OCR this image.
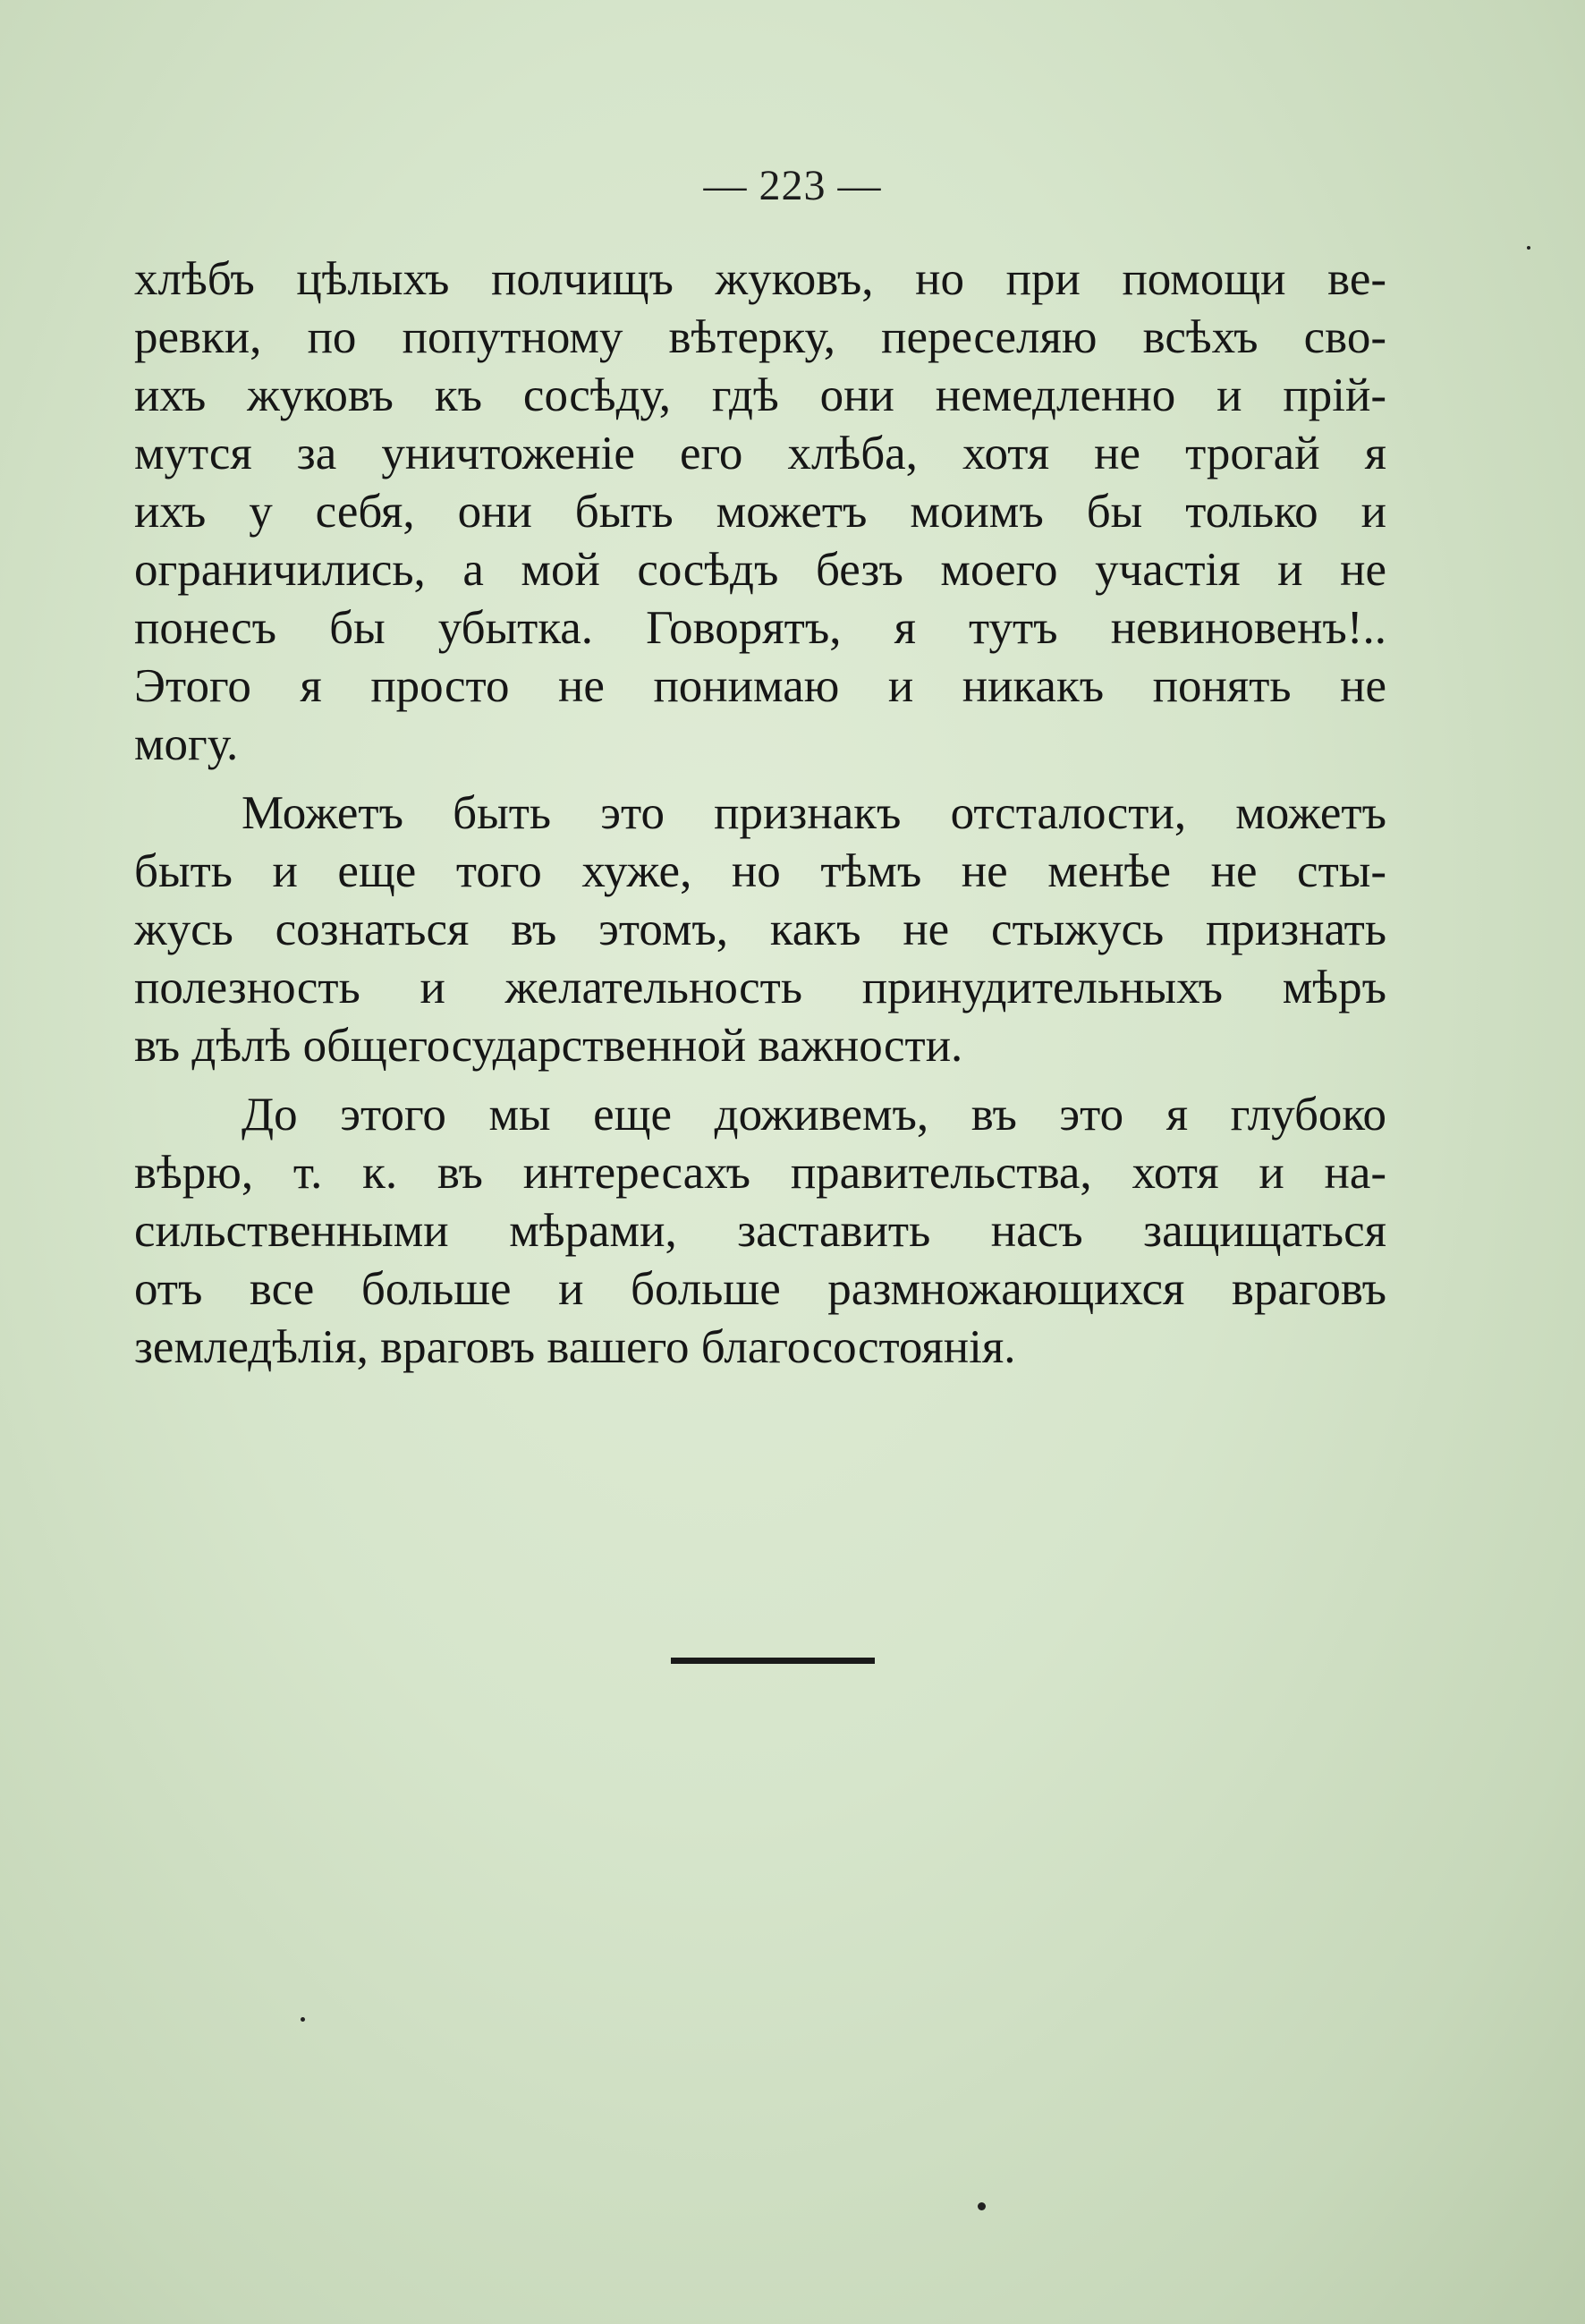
— 223 —
хлѣбъ цѣлыхъ полчищъ жуковъ, но при помощи ве-
ревки, по попутному вѣтерку, переселяю всѣхъ сво-
ихъ жуковъ къ сосѣду, гдѣ они немедленно и прій-
мутся за уничтоженіе его хлѣба, хотя не трогай я
ихъ у себя, они быть можетъ моимъ бы только и
ограничились, а мой сосѣдъ безъ моего участія и не
понесъ бы убытка. Говорятъ, я тутъ невиновенъ!..
Этого я просто не понимаю и никакъ понять не
могу.
Можетъ быть это признакъ отсталости, можетъ
быть и еще того хуже, но тѣмъ не менѣе не сты-
жусь сознаться въ этомъ, какъ не стыжусь признать
полезность и желательность принудительныхъ мѣръ
въ дѣлѣ общегосударственной важности.
До этого мы еще доживемъ, въ это я глубоко
вѣрю, т. к. въ интересахъ правительства, хотя и на-
сильственными мѣрами, заставить насъ защищаться
отъ все больше и больше размножающихся враговъ
земледѣлія, враговъ вашего благосостоянія.
